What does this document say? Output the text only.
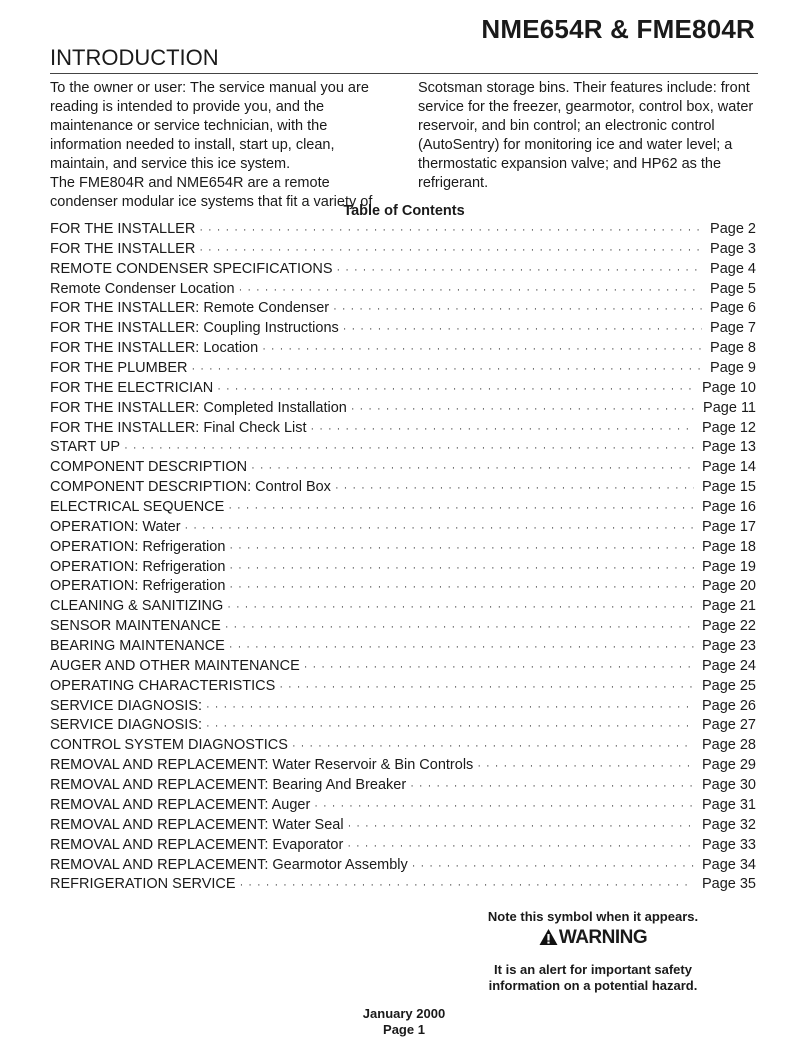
NME654R & FME804R
INTRODUCTION

To the owner or user: The service manual you are reading is intended to provide you, and the maintenance or service technician, with the information needed to install, start up, clean, maintain, and service this ice system.

The FME804R and NME654R are a remote condenser modular ice systems that fit a variety of

Scotsman storage bins. Their features include: front service for the freezer, gearmotor, control box, water reservoir, and bin control; an electronic control (AutoSentry) for monitoring ice and water level; a thermostatic expansion valve; and HP62 as the refrigerant.

Table of Contents
FOR THE INSTALLER · · ·	Page 2
FOR THE INSTALLER · · ·	Page 3
REMOTE CONDENSER SPECIFICATIONS · · ·	Page 4
Remote Condenser Location · · ·	Page 5
FOR THE INSTALLER: Remote Condenser · · ·	Page 6
FOR THE INSTALLER: Coupling Instructions · · ·	Page 7
FOR THE INSTALLER: Location · · ·	Page 8
FOR THE PLUMBER · · ·	Page 9
FOR THE ELECTRICIAN · · ·	Page 10
FOR THE INSTALLER: Completed Installation · · ·	Page 11
FOR THE INSTALLER: Final Check List · · ·	Page 12
START UP · · ·	Page 13
COMPONENT DESCRIPTION · · ·	Page 14
COMPONENT DESCRIPTION: Control Box · · ·	Page 15
ELECTRICAL SEQUENCE · · ·	Page 16
OPERATION: Water · · ·	Page 17
OPERATION: Refrigeration · · ·	Page 18
OPERATION: Refrigeration · · ·	Page 19
OPERATION: Refrigeration · · ·	Page 20
CLEANING & SANITIZING · · ·	Page 21
SENSOR MAINTENANCE · · ·	Page 22
BEARING MAINTENANCE · · ·	Page 23
AUGER AND OTHER MAINTENANCE · · ·	Page 24
OPERATING CHARACTERISTICS · · ·	Page 25
SERVICE DIAGNOSIS: · · ·	Page 26
SERVICE DIAGNOSIS: · · ·	Page 27
CONTROL SYSTEM DIAGNOSTICS · · ·	Page 28
REMOVAL AND REPLACEMENT: Water Reservoir & Bin Controls · · ·	Page 29
REMOVAL AND REPLACEMENT: Bearing And Breaker · · ·	Page 30
REMOVAL AND REPLACEMENT: Auger · · ·	Page 31
REMOVAL AND REPLACEMENT: Water Seal · · ·	Page 32
REMOVAL AND REPLACEMENT: Evaporator · · ·	Page 33
REMOVAL AND REPLACEMENT: Gearmotor Assembly · · ·	Page 34
REFRIGERATION SERVICE · · ·	Page 35
Note this symbol when it appears.
WARNING
It is an alert for important safety
information on a potential hazard.
January 2000
Page 1
